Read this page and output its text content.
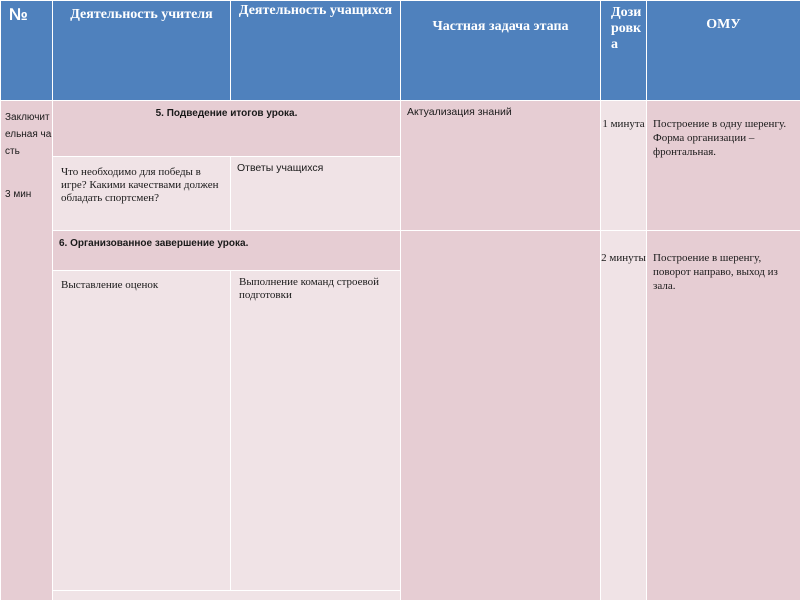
№	Деятельность учителя	Деятельность учащихся	Частная задача этапа	Дозировка	ОМУ
Заключительная часть
3 мин	5. Подведение итогов урока.		Актуализация знаний	1 минута	Построение в одну шеренгу. Форма организации – фронтальная.
	Что необходимо для победы в игре? Какими качествами должен обладать спортсмен?	Ответы учащихся			
	6. Организованное завершение урока.			2 минуты	Построение в шеренгу, поворот направо, выход из зала.
	Выставление оценок	Выполнение команд строевой подготовки			
